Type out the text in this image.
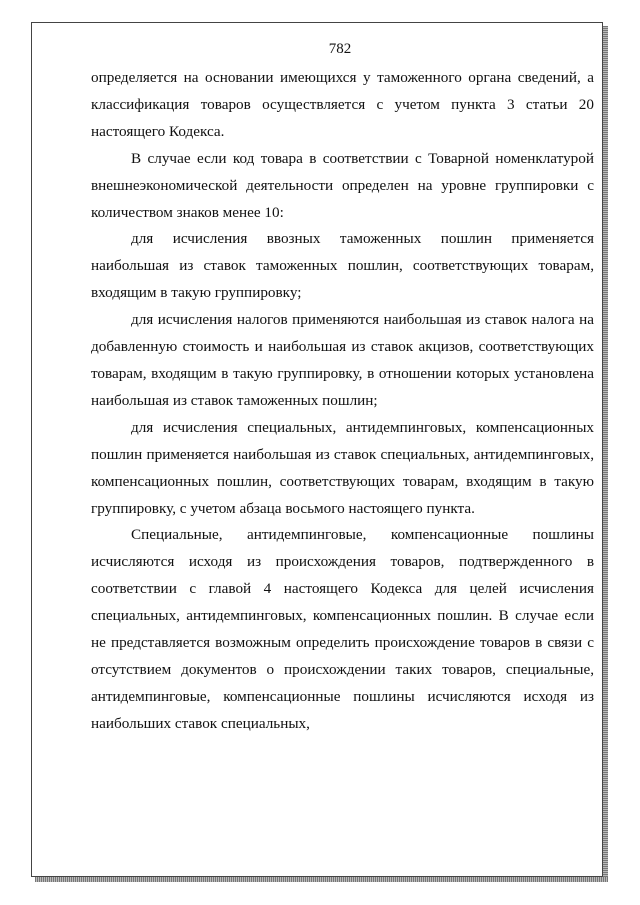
782

определяется на основании имеющихся у таможенного органа сведений, а классификация товаров осуществляется с учетом пункта 3 статьи 20 настоящего Кодекса.

В случае если код товара в соответствии с Товарной номенклатурой внешнеэкономической деятельности определен на уровне группировки с количеством знаков менее 10:

для исчисления ввозных таможенных пошлин применяется наибольшая из ставок таможенных пошлин, соответствующих товарам, входящим в такую группировку;

для исчисления налогов применяются наибольшая из ставок налога на добавленную стоимость и наибольшая из ставок акцизов, соответствующих товарам, входящим в такую группировку, в отношении которых установлена наибольшая из ставок таможенных пошлин;

для исчисления специальных, антидемпинговых, компенсационных пошлин применяется наибольшая из ставок специальных, антидемпинговых, компенсационных пошлин, соответствующих товарам, входящим в такую группировку, с учетом абзаца восьмого настоящего пункта.

Специальные, антидемпинговые, компенсационные пошлины исчисляются исходя из происхождения товаров, подтвержденного в соответствии с главой 4 настоящего Кодекса для целей исчисления специальных, антидемпинговых, компенсационных пошлин. В случае если не представляется возможным определить происхождение товаров в связи с отсутствием документов о происхождении таких товаров, специальные, антидемпинговые, компенсационные пошлины исчисляются исходя из наибольших ставок специальных,
